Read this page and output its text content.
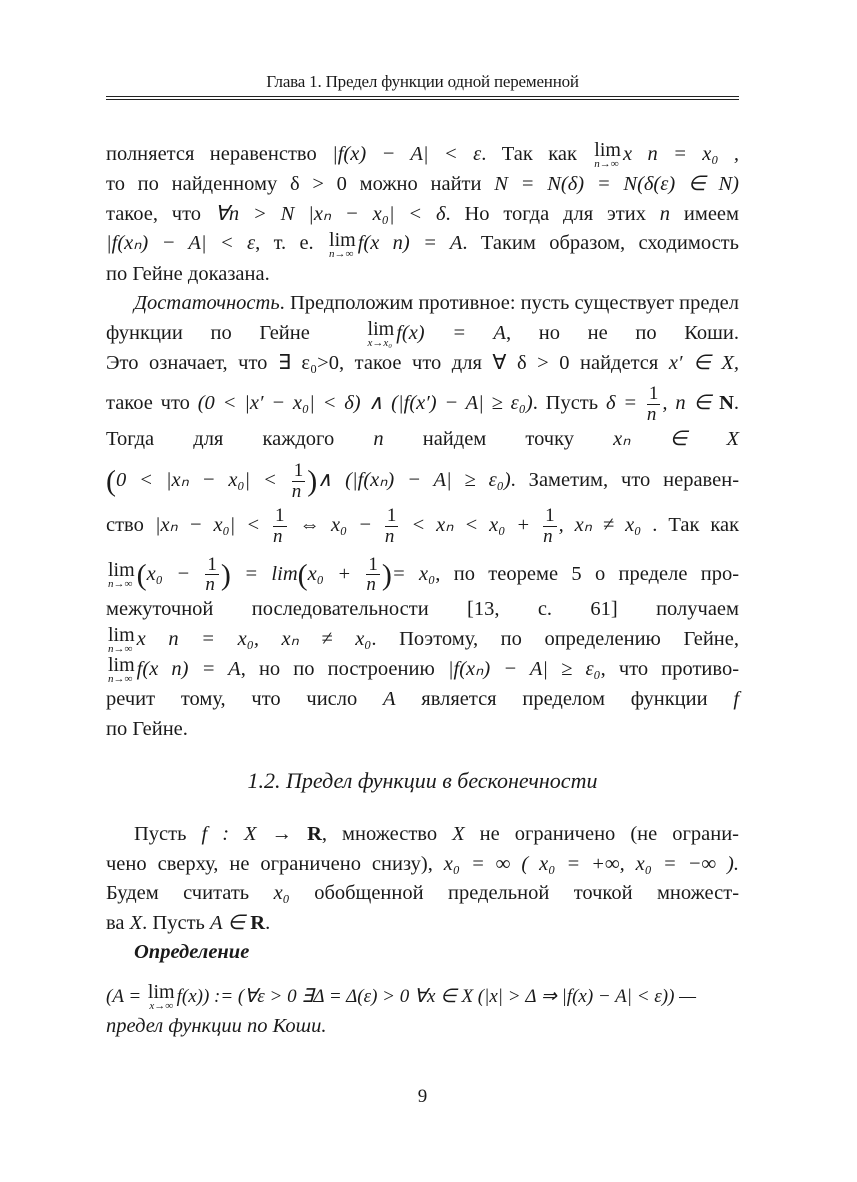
Глава 1. Предел функции одной переменной

полняется неравенство |f(x) − A| < ε. Так как lim
n→∞ x n = x₀ ,

то по найденному δ > 0 можно найти N = N(δ) = N(δ(ε) ∈ N)

такое, что ∀n > N |xₙ − x₀| < δ. Но тогда для этих n имеем

|f(xₙ) − A| < ε, т. е. lim
n→∞ f(x n) = A. Таким образом, сходимость

по Гейне доказана.

Достаточность. Предположим противное: пусть существует предел функции по Гейне	lim
x→x₀ f(x) = A, но не по Коши.

Это означает, что ∃ ε₀>0, такое что для ∀ δ > 0 найдется x′ ∈ X,

такое что (0 < |x′ − x₀| < δ) ∧ (|f(x′) − A| ≥ ε₀). Пусть $\delta = \frac{1}{n}$ , n ∈ N.

Тогда для каждого n найдем точку xₙ ∈ X

($0 < |x_n - x_0| < \frac{1}{n}$ )∧ (|f(xₙ) − A| ≥ ε₀). Заметим, что неравен-

ство $|x_n - x_0| < \frac{1}{n}$ ⇔ $x_0 - \frac{1}{n} < x_n < x_0 + \frac{1}{n}$ , xₙ ≠ x₀ . Так как

lim
n→∞ ($x_0 - \frac{1}{n}$ ) = $\lim(x_0 + \frac{1}{n}$ )= x₀, по теореме 5 о пределе про-

межуточной последовательности [13, с. 61] получаем

lim
n→∞ x n = x₀, xₙ ≠ x₀. Поэтому, по определению Гейне,

lim
n→∞ f(x n) = A, но по построению |f(xₙ) − A| ≥ ε₀, что противо-

речит тому, что число A является пределом функции f

по Гейне.

1.2. Предел функции в бесконечности

Пусть f : X → R, множество X не ограничено (не ограни-

чено сверху, не ограничено снизу), x₀ = ∞ ( x₀ = +∞, x₀ = −∞ ).

Будем считать x₀ обобщенной предельной точкой множест-

ва X. Пусть A ∈ R.

Определение

(A = lim
x→∞ f(x)) := (∀ε > 0 ∃Δ = Δ(ε) > 0 ∀x ∈ X (|x| > Δ ⇒ |f(x) − A| < ε)) —

предел функции по Коши.

9
